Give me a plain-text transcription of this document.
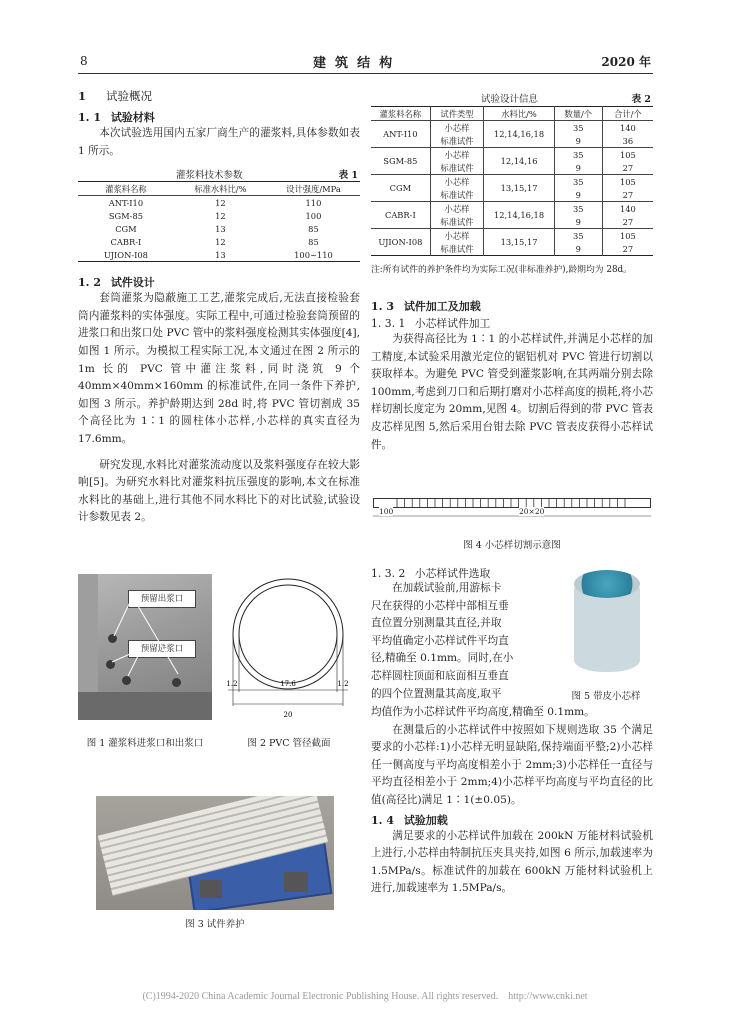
8	建  筑  结  构	2020 年
1 试验概况
1. 1 试验材料

本次试验选用国内五家厂商生产的灌浆料,具体参数如表 1 所示。

灌浆料技术参数	表 1
灌浆料名称	标准水料比/%	设计强度/MPa
ANT-I10	12	110
SGM-85	12	100
CGM	13	85
CABR-I	12	85
UJION-I08	13	100~110
1. 2 试件设计

套筒灌浆为隐蔽施工工艺,灌浆完成后,无法直接检验套筒内灌浆料的实体强度。实际工程中,可通过检验套筒预留的进浆口和出浆口处 PVC 管中的浆料强度检测其实体强度[4],如图 1 所示。为模拟工程实际工况,本文通过在图 2 所示的 1m 长的 PVC 管中灌注浆料,同时浇筑 9 个 40mm×40mm×160mm 的标准试件,在同一条件下养护,如图 3 所示。养护龄期达到 28d 时,将 PVC 管切割成 35 个高径比为 1∶1 的圆柱体小芯样,小芯样的真实直径为 17.6mm。

研究发现,水料比对灌浆流动度以及浆料强度存在较大影响[5]。为研究水料比对灌浆料抗压强度的影响,本文在标准水料比的基础上,进行其他不同水料比下的对比试验,试验设计参数见表 2。

预留出浆口
预留进浆口
图 1 灌浆料进浆口和出浆口
1.2	17.6	1.2
20
图 2 PVC 管径截面
图 3 试件养护
试验设计信息	表 2
灌浆料名称	试件类型	水料比/%	数量/个	合计/个
ANT-I10	小芯样	12,14,16,18	35	140
	标准试件		9	36
SGM-85	小芯样	12,14,16	35	105
	标准试件		9	27
CGM	小芯样	13,15,17	35	105
	标准试件		9	27
CABR-I	小芯样	12,14,16,18	35	140
	标准试件		9	27
UJION-I08	小芯样	13,15,17	35	105
	标准试件		9	27
注:所有试件的养护条件均为实际工况(非标准养护),龄期均为 28d。
1. 3 试件加工及加载
1. 3. 1 小芯样试件加工

为获得高径比为 1∶1 的小芯样试件,并满足小芯样的加工精度,本试验采用激光定位的锯铝机对 PVC 管进行切割以获取样本。为避免 PVC 管受到灌浆影响,在其两端分别去除 100mm,考虑到刀口和后期打磨对小芯样高度的损耗,将小芯样切割长度定为 20mm,见图 4。切割后得到的带 PVC 管表皮芯样见图 5,然后采用台钳去除 PVC 管表皮获得小芯样试件。

100	20×20
图 4 小芯样切割示意图
1. 3. 2 小芯样试件选取
在加载试验前,用游标卡
尺在获得的小芯样中部相互垂
直位置分别测量其直径,并取
平均值确定小芯样试件平均直
径,精确至 0.1mm。同时,在小
芯样圆柱顶面和底面相互垂直
的四个位置测量其高度,取平	图 5 带皮小芯样

均值作为小芯样试件平均高度,精确至 0.1mm。

在测量后的小芯样试件中按照如下规则选取 35 个满足要求的小芯样:1)小芯样无明显缺陷,保持端面平整;2)小芯样任一侧高度与平均高度相差小于 2mm;3)小芯样任一直径与平均直径相差小于 2mm;4)小芯样平均高度与平均直径的比值(高径比)满足 1∶1(±0.05)。

1. 4 试验加载

满足要求的小芯样试件加载在 200kN 万能材料试验机上进行,小芯样由特制抗压夹具夹持,如图 6 所示,加载速率为 1.5MPa/s。标准试件的加载在 600kN 万能材料试验机上进行,加载速率为 1.5MPa/s。

(C)1994-2020 China Academic Journal Electronic Publishing House. All rights reserved.    http://www.cnki.net
